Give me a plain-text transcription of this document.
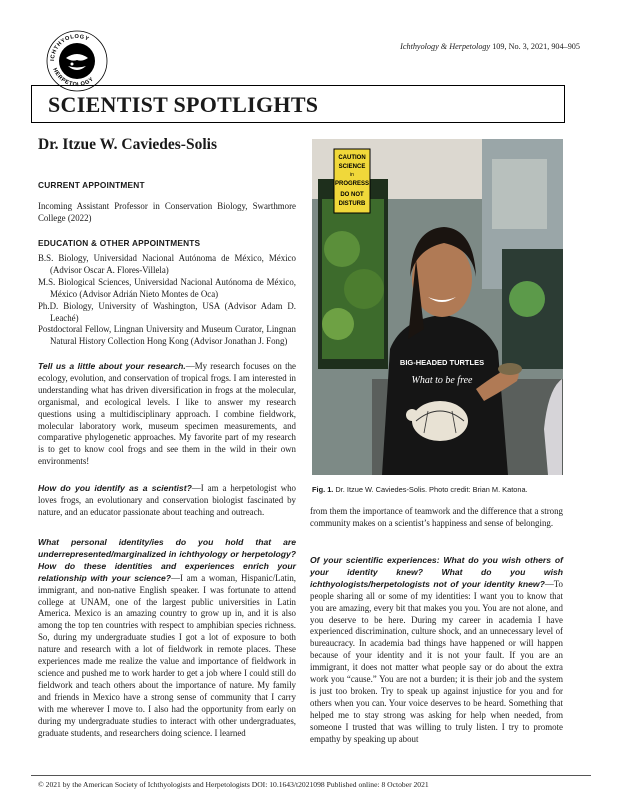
ICHTHYOLOGY
HERPETOLOGY
Ichthyology & Herpetology 109, No. 3, 2021, 904–905
SCIENTIST SPOTLIGHTS
Dr. Itzue W. Caviedes-Solis
CURRENT APPOINTMENT
Incoming Assistant Professor in Conservation Biology, Swarthmore College (2022)
EDUCATION & OTHER APPOINTMENTS

B.S. Biology, Universidad Nacional Autónoma de México, México (Advisor Oscar A. Flores-Villela)

M.S. Biological Sciences, Universidad Nacional Autónoma de México, México (Advisor Adrián Nieto Montes de Oca)

Ph.D. Biology, University of Washington, USA (Advisor Adam D. Leaché)

Postdoctoral Fellow, Lingnan University and Museum Curator, Lingnan Natural History Collection Hong Kong (Advisor Jonathan J. Fong)

Tell us a little about your research.—My research focuses on the ecology, evolution, and conservation of tropical frogs. I am interested in understanding what has driven diversification in frogs at the molecular, organismal, and ecological levels. I like to answer my research questions using a multidisciplinary approach. I combine fieldwork, molecular laboratory work, museum specimen measurements, and comparative phylogenetic approaches. My favorite part of my research is to get to know cool frogs and see them in the wild in their own environments!
How do you identify as a scientist?—I am a herpetologist who loves frogs, an evolutionary and conservation biologist fascinated by nature, and an educator passionate about teaching and outreach.
What personal identity/ies do you hold that are underrepresented/marginalized in ichthyology or herpetology? How do these identities and experiences enrich your relationship with your science?—I am a woman, Hispanic/Latin, immigrant, and non-native English speaker. I was fortunate to attend college at UNAM, one of the largest public universities in Latin America. Mexico is an amazing country to grow up in, and it is also among the top ten countries with respect to amphibian species richness. So, during my undergraduate studies I got a lot of exposure to both nature and research with a lot of fieldwork in remote places. These experiences made me realize the value and importance of fieldwork in science and pushed me to work harder to get a job where I could still do fieldwork and teach others about the importance of nature. My family and friends in Mexico have a strong sense of community that I carry with me wherever I move to. I also had the opportunity from early on during my undergraduate studies to interact with other undergraduates, graduate students, and researchers doing science. I learned
CAUTION
SCIENCE
in
PROGRESS
DO NOT
DISTURB
BIG-HEADED TURTLES
What to be free
Fig. 1. Dr. Itzue W. Caviedes-Solis. Photo credit: Brian M. Katona.
from them the importance of teamwork and the difference that a strong community makes on a scientist’s happiness and sense of belonging.
Of your scientific experiences: What do you wish others of your identity knew? What do you wish ichthyologists/herpetologists not of your identity knew?—To people sharing all or some of my identities: I want you to know that you are amazing, every bit that makes you you. You are not alone, and you deserve to be here. During my career in academia I have experienced discrimination, culture shock, and an unnecessary level of bureaucracy. In academia bad things have happened or will happen because of your identity and it is not your fault. If you are an immigrant, it does not matter what people say or do about the extra work you “cause.” You are not a burden; it is their job and the system is just too broken. Try to speak up against injustice for you and for others when you can. Your voice deserves to be heard. Something that helped me to stay strong was asking for help when needed, from someone I trusted that was willing to truly listen. I try to promote empathy by speaking up about
© 2021 by the American Society of Ichthyologists and Herpetologists DOI: 10.1643/t2021098 Published online: 8 October 2021
